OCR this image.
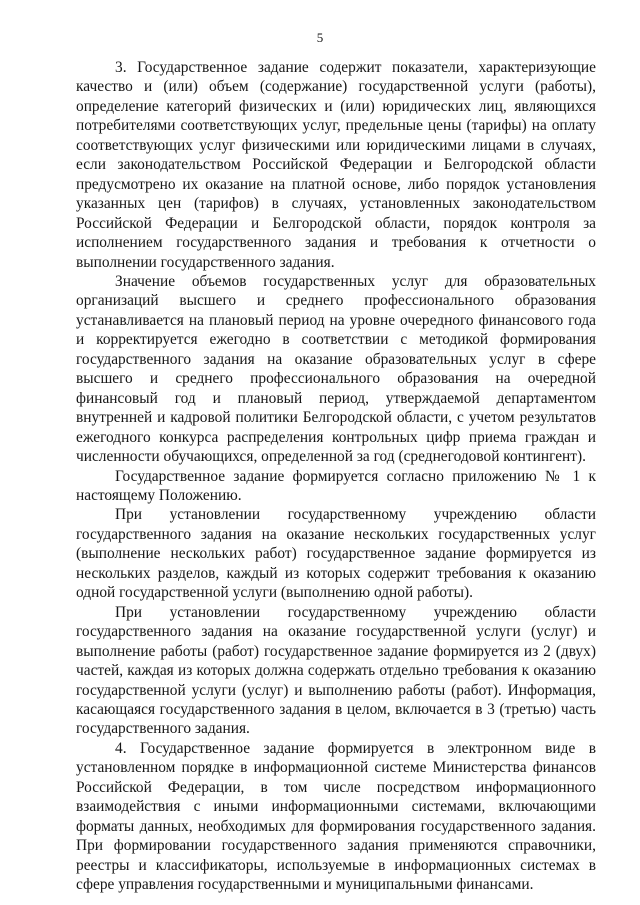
5

3. Государственное задание содержит показатели, характеризующие качество и (или) объем (содержание) государственной услуги (работы), определение категорий физических и (или) юридических лиц, являющихся потребителями соответствующих услуг, предельные цены (тарифы) на оплату соответствующих услуг физическими или юридическими лицами в случаях, если законодательством Российской Федерации и Белгородской области предусмотрено их оказание на платной основе, либо порядок установления указанных цен (тарифов) в случаях, установленных законодательством Российской Федерации и Белгородской области, порядок контроля за исполнением государственного задания и требования к отчетности о выполнении государственного задания.

Значение объемов государственных услуг для образовательных организаций высшего и среднего профессионального образования устанавливается на плановый период на уровне очередного финансового года и корректируется ежегодно в соответствии с методикой формирования государственного задания на оказание образовательных услуг в сфере высшего и среднего профессионального образования на очередной финансовый год и плановый период, утверждаемой департаментом внутренней и кадровой политики Белгородской области, с учетом результатов ежегодного конкурса распределения контрольных цифр приема граждан и численности обучающихся, определенной за год (среднегодовой контингент).

Государственное задание формируется согласно приложению № 1 к настоящему Положению.

При установлении государственному учреждению области государственного задания на оказание нескольких государственных услуг (выполнение нескольких работ) государственное задание формируется из нескольких разделов, каждый из которых содержит требования к оказанию одной государственной услуги (выполнению одной работы).

При установлении государственному учреждению области государственного задания на оказание государственной услуги (услуг) и выполнение работы (работ) государственное задание формируется из 2 (двух) частей, каждая из которых должна содержать отдельно требования к оказанию государственной услуги (услуг) и выполнению работы (работ). Информация, касающаяся государственного задания в целом, включается в 3 (третью) часть государственного задания.

4. Государственное задание формируется в электронном виде в установленном порядке в информационной системе Министерства финансов Российской Федерации, в том числе посредством информационного взаимодействия с иными информационными системами, включающими форматы данных, необходимых для формирования государственного задания. При формировании государственного задания применяются справочники, реестры и классификаторы, используемые в информационных системах в сфере управления государственными и муниципальными финансами.
